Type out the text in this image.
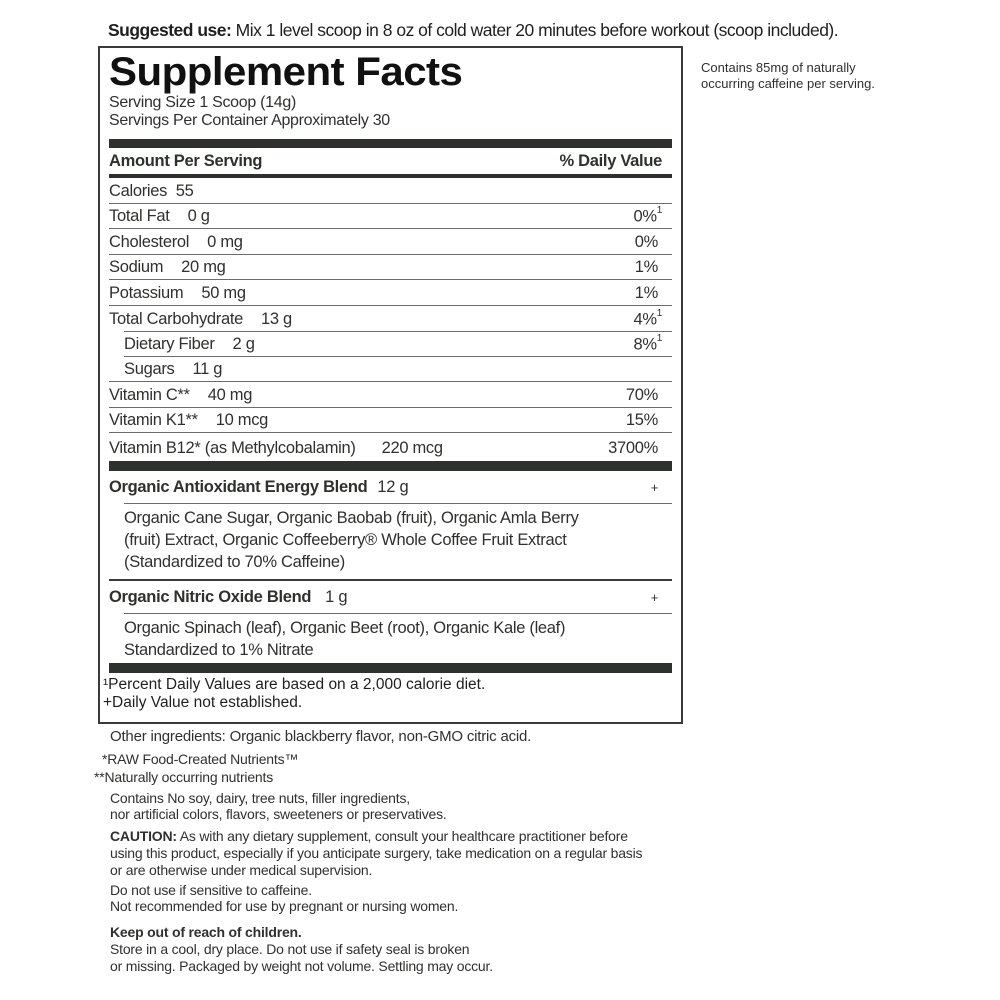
Suggested use: Mix 1 level scoop in 8 oz of cold water 20 minutes before workout (scoop included).
Contains 85mg of naturally
occurring caffeine per serving.
Supplement Facts
Serving Size 1 Scoop (14g)
Servings Per Container Approximately 30
Amount Per Serving	% Daily Value
Calories  55
Total Fat 0 g	0%$^1$
Cholesterol 0 mg	0%
Sodium 20 mg	1%
Potassium 50 mg	1%
Total Carbohydrate 13 g	4%$^1$
Dietary Fiber 2 g	8%$^1$
Sugars 11 g
Vitamin C** 40 mg	70%
Vitamin K1** 10 mcg	15%
Vitamin B12* (as Methylcobalamin) 220 mcg	3700%
Organic Antioxidant Energy Blend 12 g	+
Organic Cane Sugar, Organic Baobab (fruit), Organic Amla Berry
(fruit) Extract, Organic Coffeeberry® Whole Coffee Fruit Extract
(Standardized to 70% Caffeine)
Organic Nitric Oxide Blend 1 g	+
Organic Spinach (leaf), Organic Beet (root), Organic Kale (leaf)
Standardized to 1% Nitrate
¹Percent Daily Values are based on a 2,000 calorie diet.
+Daily Value not established.
Other ingredients: Organic blackberry flavor, non-GMO citric acid.
*RAW Food-Created Nutrients™
**Naturally occurring nutrients
Contains No soy, dairy, tree nuts, filler ingredients,
nor artificial colors, flavors, sweeteners or preservatives.
CAUTION: As with any dietary supplement, consult your healthcare practitioner before
using this product, especially if you anticipate surgery, take medication on a regular basis
or are otherwise under medical supervision.
Do not use if sensitive to caffeine.
Not recommended for use by pregnant or nursing women.
Keep out of reach of children.
Store in a cool, dry place. Do not use if safety seal is broken
or missing. Packaged by weight not volume. Settling may occur.
